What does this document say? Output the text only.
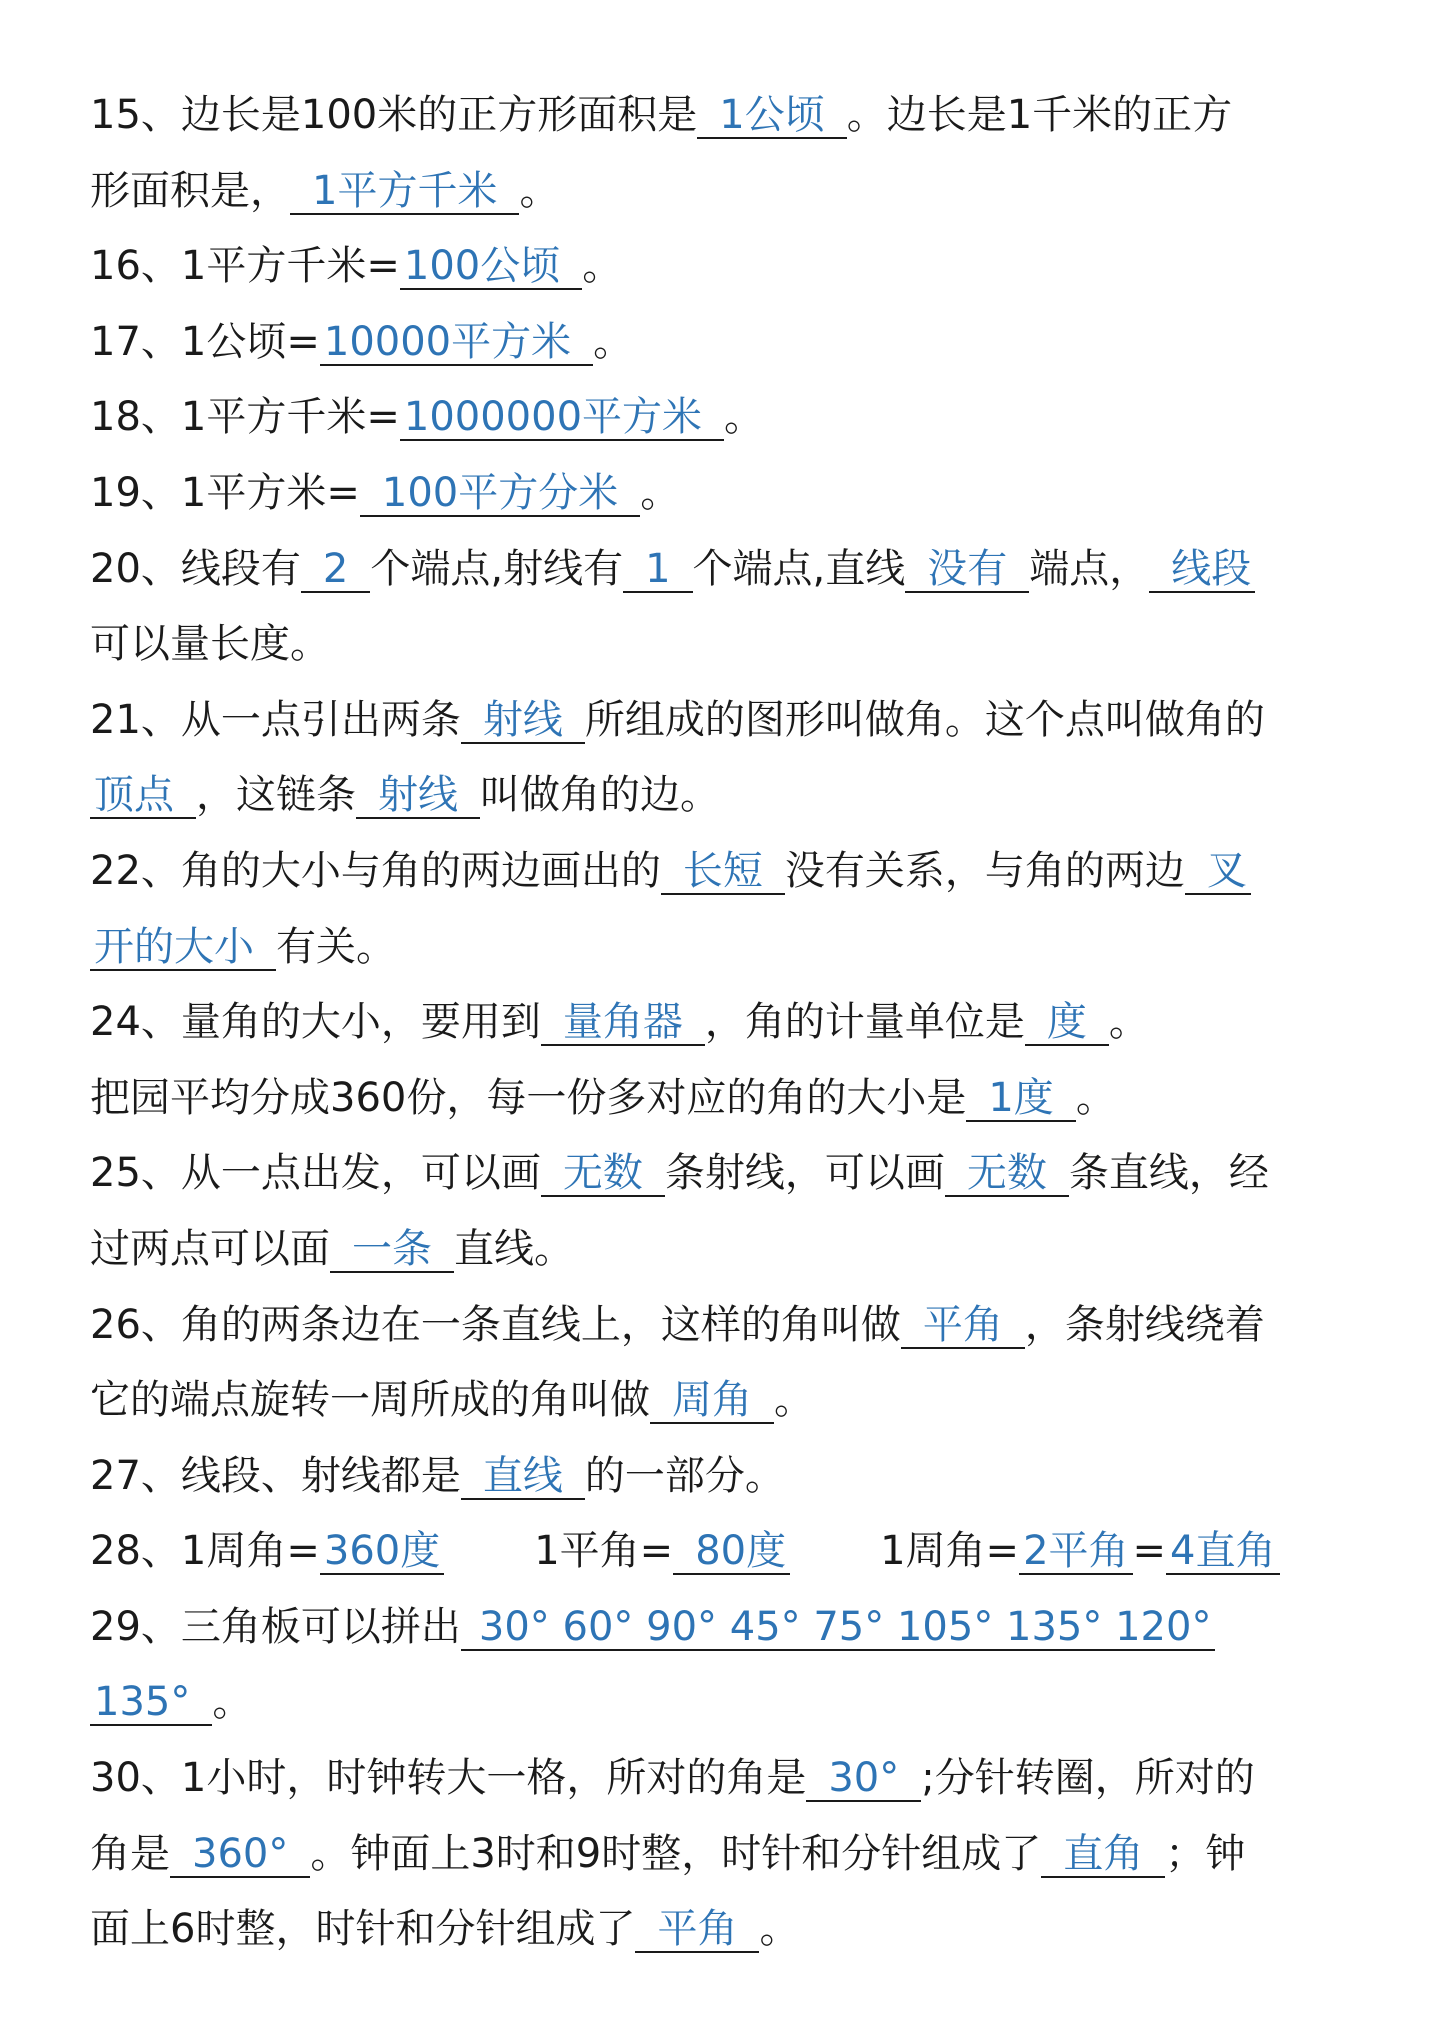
15、边长是100米的正方形面积是 1公顷 。边长是1千米的正方
形面积是， 1平方千米 。
16、1平方千米= 100公顷 。
17、1公顷= 10000平方米 。
18、1平方千米= 1000000平方米 。
19、1平方米= 100平方分米 。
20、线段有 2 个端点,射线有 1 个端点,直线 没有 端点， 线段
可以量长度。
21、从一点引出两条 射线 所组成的图形叫做角。这个点叫做角的
顶点 ，这链条 射线 叫做角的边。
22、角的大小与角的两边画出的 长短 没有关系，与角的两边 叉
开的大小 有关。
24、量角的大小，要用到 量角器 ，角的计量单位是 度 。
把园平均分成360份，每一份多对应的角的大小是 1度 。
25、从一点出发，可以画 无数 条射线，可以画 无数 条直线，经
过两点可以面 一条 直线。
26、角的两条边在一条直线上，这样的角叫做 平角 ，条射线绕着
它的端点旋转一周所成的角叫做 周角 。
27、线段、射线都是 直线 的一部分。
28、1周角= 360度 1平角= 80度 1周角= 2平角 = 4直角
29、三角板可以拼出 30° 60° 90° 45° 75° 105° 135° 120°
135° 。
30、1小时，时钟转大一格，所对的角是 30° ;分针转圈，所对的
角是 360° 。钟面上3时和9时整，时针和分针组成了 直角 ；钟
面上6时整，时针和分针组成了 平角 。
